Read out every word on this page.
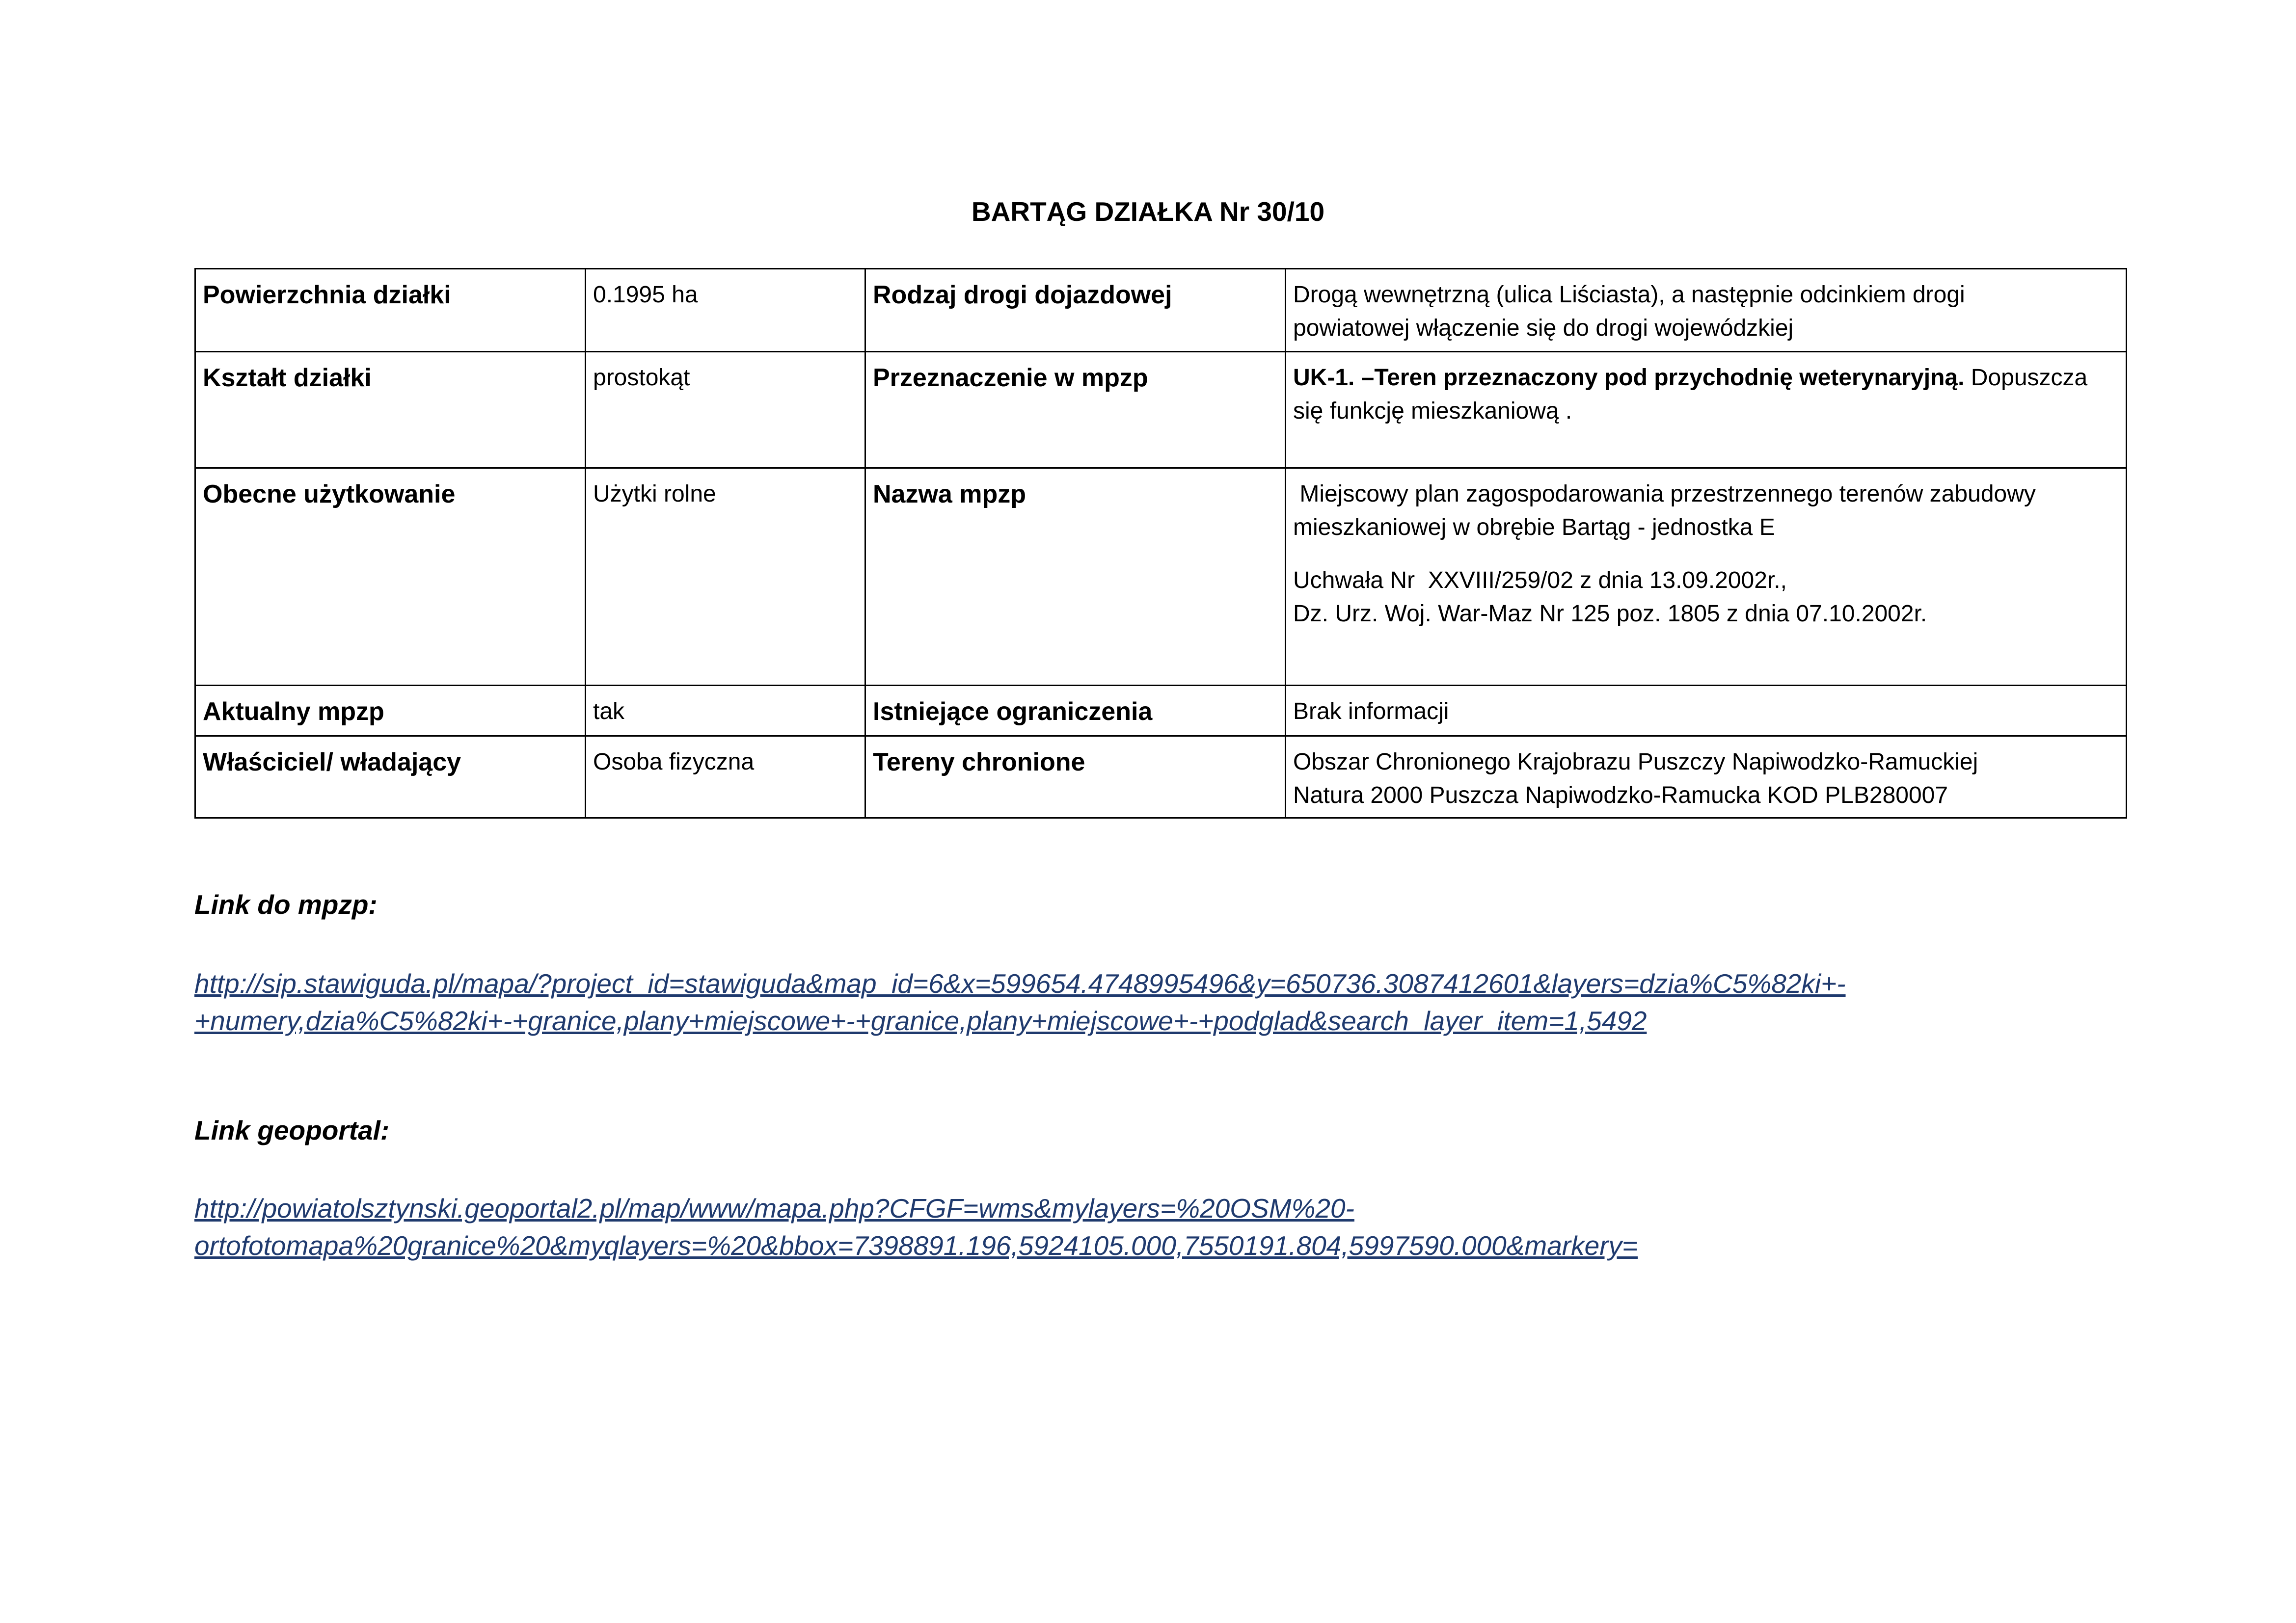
BARTĄG DZIAŁKA Nr 30/10
Powierzchnia działki	0.1995 ha	Rodzaj drogi dojazdowej	Drogą wewnętrzną (ulica Liściasta), a następnie odcinkiem drogi
powiatowej włączenie się do drogi wojewódzkiej
Kształt działki	prostokąt	Przeznaczenie w mpzp	UK-1. –Teren przeznaczony pod przychodnię weterynaryjną. Dopuszcza się funkcję mieszkaniową .
Obecne użytkowanie	Użytki rolne	Nazwa mpzp	Miejscowy plan zagospodarowania przestrzennego terenów zabudowy
mieszkaniowej w obrębie Bartąg - jednostka E
Uchwała Nr  XXVIII/259/02 z dnia 13.09.2002r.,
Dz. Urz. Woj. War-Maz Nr 125 poz. 1805 z dnia 07.10.2002r.
Aktualny mpzp	tak	Istniejące ograniczenia	Brak informacji
Właściciel/ władający	Osoba fizyczna	Tereny chronione	Obszar Chronionego Krajobrazu Puszczy Napiwodzko-Ramuckiej
Natura 2000 Puszcza Napiwodzko-Ramucka KOD PLB280007

Link do mpzp:

http://sip.stawiguda.pl/mapa/?project_id=stawiguda&map_id=6&x=599654.4748995496&y=650736.3087412601&layers=dzia%C5%82ki+-
+numery,dzia%C5%82ki+-+granice,plany+miejscowe+-+granice,plany+miejscowe+-+podglad&search_layer_item=1,5492

Link geoportal:

http://powiatolsztynski.geoportal2.pl/map/www/mapa.php?CFGF=wms&mylayers=%20OSM%20-
ortofotomapa%20granice%20&myqlayers=%20&bbox=7398891.196,5924105.000,7550191.804,5997590.000&markery=
